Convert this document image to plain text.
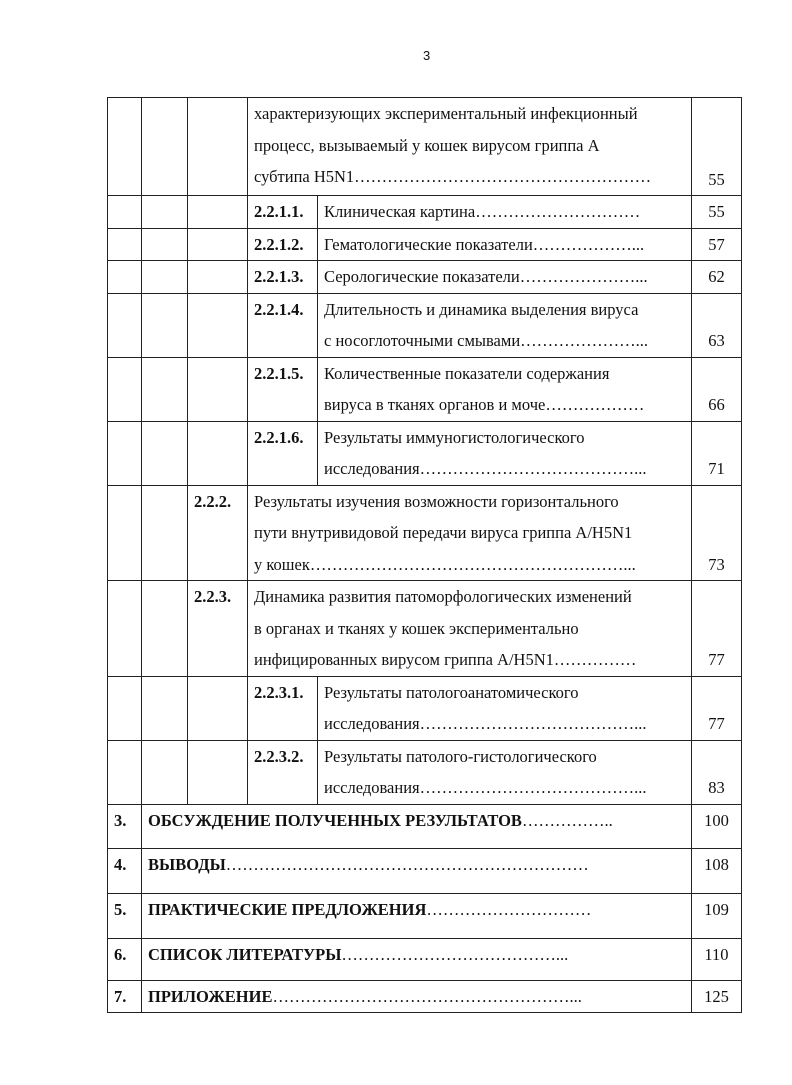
3

			характеризующих экспериментальный инфекционный
процесс, вызываемый у кошек вирусом гриппа А
субтипа H5N1………………………………………………		55
			2.2.1.1.	Клиническая картина…………………………	55
			2.2.1.2.	Гематологические показатели………………...	57
			2.2.1.3.	Серологические показатели…………………...	62
			2.2.1.4.	Длительность и динамика выделения вируса
с носоглоточными смывами…………………...	63
			2.2.1.5.	Количественные показатели содержания
вируса в тканях органов и моче………………	66
			2.2.1.6.	Результаты иммуногистологического
исследования…………………………………...	71
		2.2.2.	Результаты изучения возможности горизонтального
пути внутривидовой передачи вируса гриппа А/H5N1
у кошек…………………………………………………...		73
		2.2.3.	Динамика развития патоморфологических изменений
в органах и тканях у кошек экспериментально
инфицированных вирусом гриппа А/H5N1……………		77
			2.2.3.1.	Результаты патологоанатомического
исследования…………………………………...	77
			2.2.3.2.	Результаты патолого-гистологического
исследования…………………………………...	83
3.	ОБСУЖДЕНИЕ ПОЛУЧЕННЫХ РЕЗУЛЬТАТОВ……………..				100
4.	ВЫВОДЫ…………………………………………………………				108
5.	ПРАКТИЧЕСКИЕ ПРЕДЛОЖЕНИЯ…………………………				109
6.	СПИСОК ЛИТЕРАТУРЫ…………………………………...				110
7.	ПРИЛОЖЕНИЕ………………………………………………...				125
